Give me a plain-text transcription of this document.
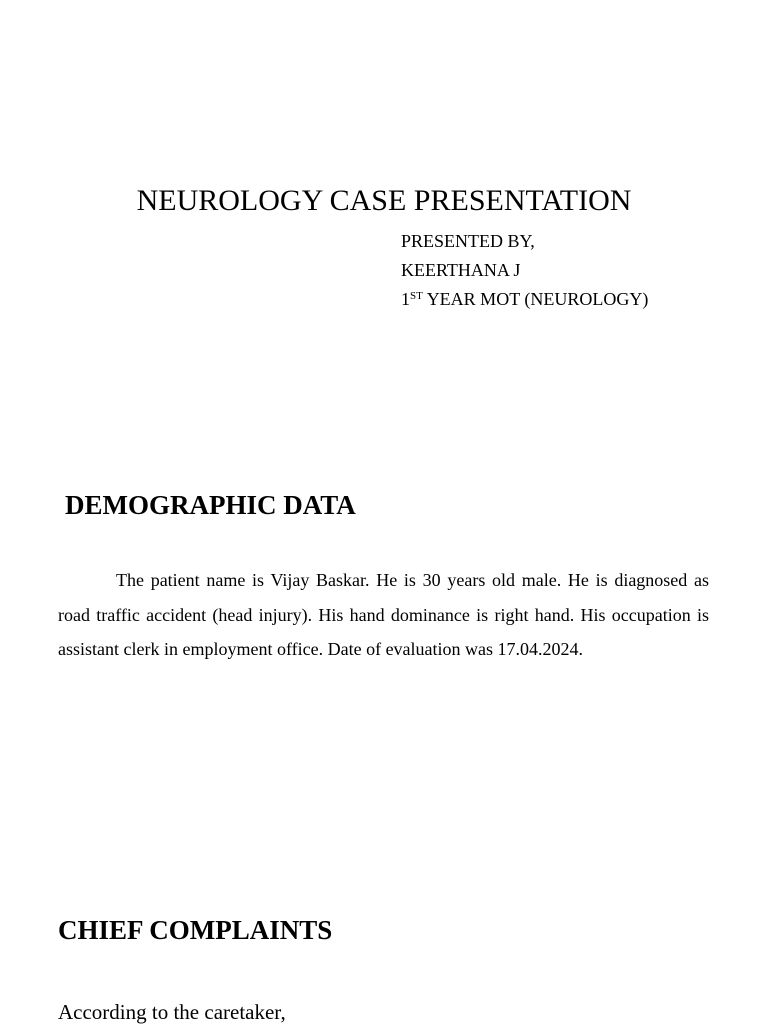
NEUROLOGY CASE PRESENTATION
PRESENTED BY,
KEERTHANA J
1ST YEAR MOT (NEUROLOGY)
DEMOGRAPHIC DATA

The patient name is Vijay Baskar. He is 30 years old male. He is diagnosed as road traffic accident (head injury). His hand dominance is right hand. His occupation is assistant clerk in employment office. Date of evaluation was 17.04.2024.

CHIEF COMPLAINTS
According to the caretaker,
